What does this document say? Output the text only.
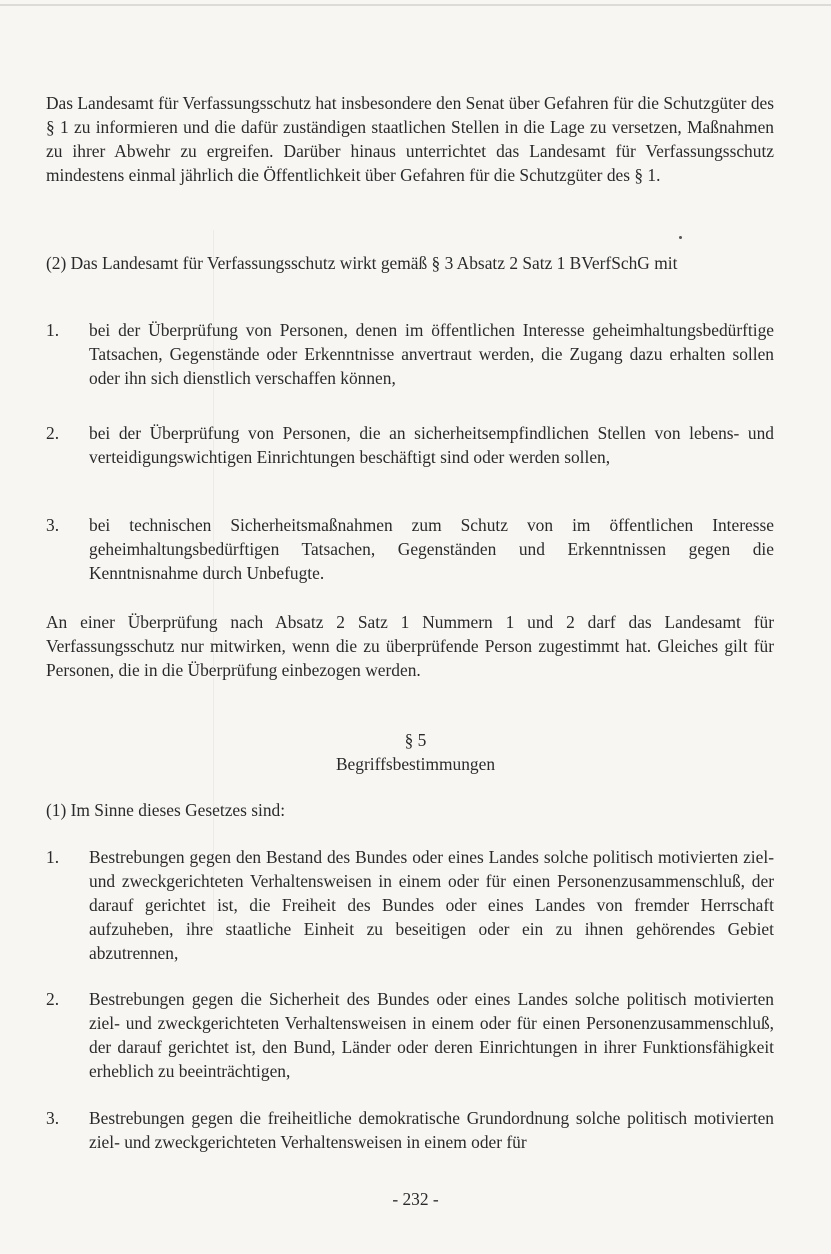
Das Landesamt für Verfassungsschutz hat insbesondere den Senat über Gefahren für die Schutzgüter des § 1 zu informieren und die dafür zuständigen staatlichen Stellen in die Lage zu versetzen, Maßnahmen zu ihrer Abwehr zu ergreifen. Darüber hinaus unterrichtet das Landesamt für Verfassungsschutz mindestens einmal jährlich die Öffentlichkeit über Gefahren für die Schutzgüter des § 1.
(2) Das Landesamt für Verfassungsschutz wirkt gemäß § 3 Absatz 2 Satz 1 BVerfSchG mit
1.	bei der Überprüfung von Personen, denen im öffentlichen Interesse geheimhaltungsbedürftige Tatsachen, Gegenstände oder Erkenntnisse anvertraut werden, die Zugang dazu erhalten sollen oder ihn sich dienstlich verschaffen können,
2.	bei der Überprüfung von Personen, die an sicherheitsempfindlichen Stellen von lebens- und verteidigungswichtigen Einrichtungen beschäftigt sind oder werden sollen,
3.	bei technischen Sicherheitsmaßnahmen zum Schutz von im öffentlichen Interesse geheimhaltungsbedürftigen Tatsachen, Gegenständen und Erkenntnissen gegen die Kenntnisnahme durch Unbefugte.
An einer Überprüfung nach Absatz 2 Satz 1 Nummern 1 und 2 darf das Landesamt für Verfassungsschutz nur mitwirken, wenn die zu überprüfende Person zugestimmt hat. Gleiches gilt für Personen, die in die Überprüfung einbezogen werden.
§ 5
Begriffsbestimmungen
(1) Im Sinne dieses Gesetzes sind:
1.	Bestrebungen gegen den Bestand des Bundes oder eines Landes solche politisch motivierten ziel- und zweckgerichteten Verhaltensweisen in einem oder für einen Personenzusammenschluß, der darauf gerichtet ist, die Freiheit des Bundes oder eines Landes von fremder Herrschaft aufzuheben, ihre staatliche Einheit zu beseitigen oder ein zu ihnen gehörendes Gebiet abzutrennen,
2.	Bestrebungen gegen die Sicherheit des Bundes oder eines Landes solche politisch motivierten ziel- und zweckgerichteten Verhaltensweisen in einem oder für einen Personenzusammenschluß, der darauf gerichtet ist, den Bund, Länder oder deren Einrichtungen in ihrer Funktionsfähigkeit erheblich zu beeinträchtigen,
3.	Bestrebungen gegen die freiheitliche demokratische Grundordnung solche politisch motivierten ziel- und zweckgerichteten Verhaltensweisen in einem oder für
- 232 -
